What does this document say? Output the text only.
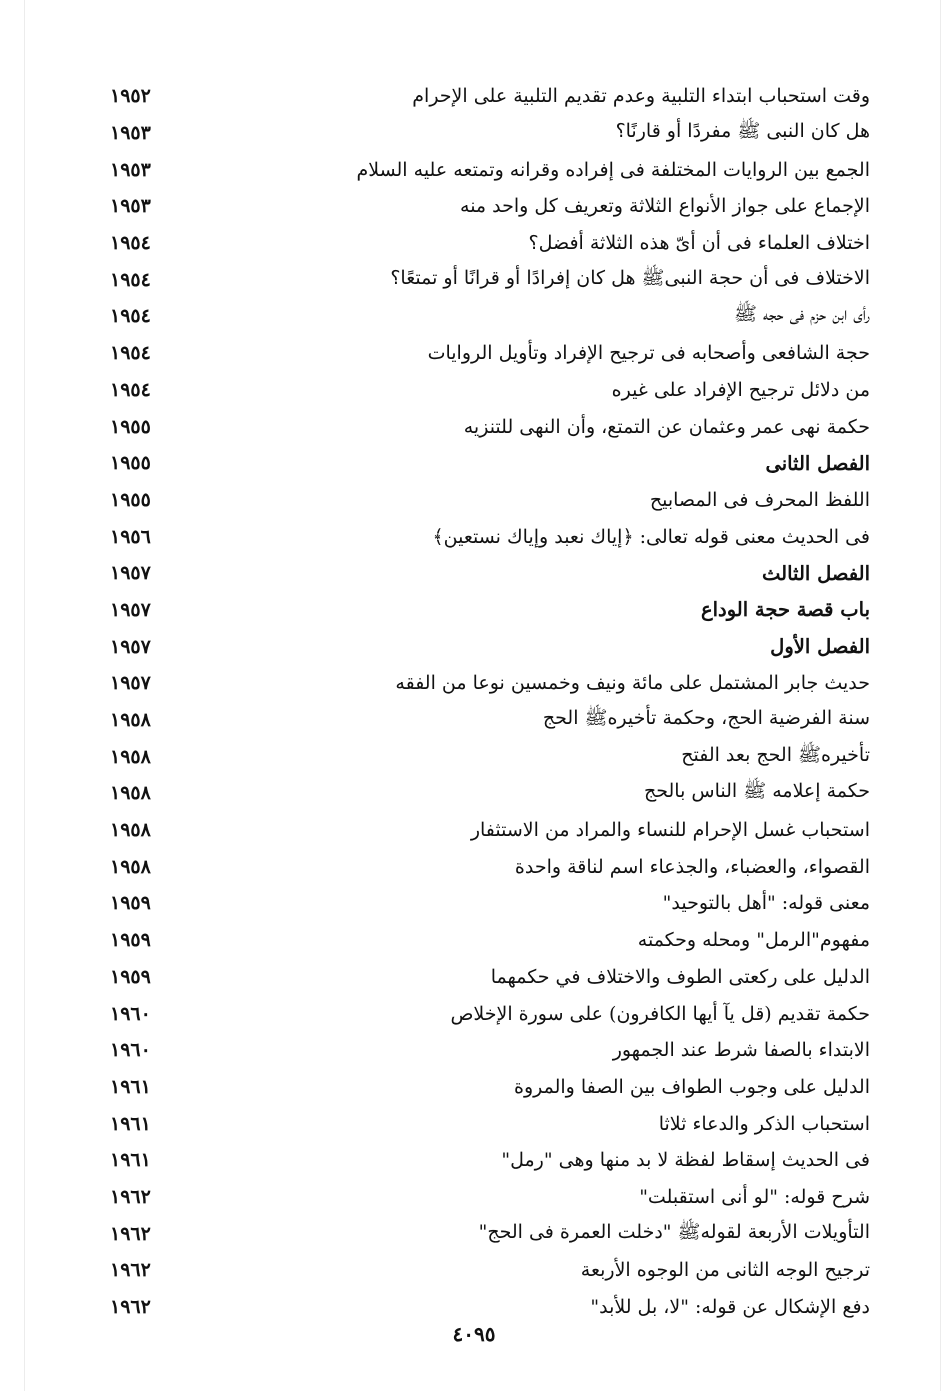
وقت استحباب ابتداء التلبية وعدم تقديم التلبية على الإحرام
١٩٥٢
هل كان النبى ﷺ مفردًا أو قارنًا؟
١٩٥٣
الجمع بين الروايات المختلفة فى إفراده وقرانه وتمتعه عليه السلام
١٩٥٣
الإجماع على جواز الأنواع الثلاثة وتعريف كل واحد منه
١٩٥٣
اختلاف العلماء فى أن أىّ هذه الثلاثة أفضل؟
١٩٥٤
الاختلاف فى أن حجة النبىﷺ هل كان إفرادًا أو قرانًا أو تمتعًا؟
١٩٥٤
رأى ابن حزم فى حجه ﷺ
١٩٥٤
حجة الشافعى وأصحابه فى ترجيح الإفراد وتأويل الروايات
١٩٥٤
من دلائل ترجيح الإفراد على غيره
١٩٥٤
حكمة نهى عمر وعثمان عن التمتع، وأن النهى للتنزيه
١٩٥٥
الفصل الثانى
١٩٥٥
اللفظ المحرف فى المصابيح
١٩٥٥
فى الحديث معنى قوله تعالى: ﴿إياك نعبد وإياك نستعين﴾
١٩٥٦
الفصل الثالث
١٩٥٧
باب قصة حجة الوداع
١٩٥٧
الفصل الأول
١٩٥٧
حديث جابر المشتمل على مائة ونيف وخمسين نوعا من الفقه
١٩٥٧
سنة الفرضية الحج، وحكمة تأخيرهﷺ الحج
١٩٥٨
تأخيرهﷺ الحج بعد الفتح
١٩٥٨
حكمة إعلامه ﷺ الناس بالحج
١٩٥٨
استحباب غسل الإحرام للنساء والمراد من الاستثفار
١٩٥٨
القصواء، والعضباء، والجذعاء اسم لناقة واحدة
١٩٥٨
معنى قوله: "أهل بالتوحيد"
١٩٥٩
مفهوم"الرمل" ومحله وحكمته
١٩٥٩
الدليل على ركعتى الطوف والاختلاف في حكمهما
١٩٥٩
حكمة تقديم (قل يآ أيها الكافرون) على سورة الإخلاص
١٩٦٠
الابتداء بالصفا شرط عند الجمهور
١٩٦٠
الدليل على وجوب الطواف بين الصفا والمروة
١٩٦١
استحباب الذكر والدعاء ثلاثا
١٩٦١
فى الحديث إسقاط لفظة لا بد منها وهى "رمل"
١٩٦١
شرح قوله: "لو أنى استقبلت"
١٩٦٢
التأويلات الأربعة لقولهﷺ "دخلت العمرة فى الحج"
١٩٦٢
ترجيح الوجه الثانى من الوجوه الأربعة
١٩٦٢
دفع الإشكال عن قوله: "لا، بل للأبد"
١٩٦٢
٤٠٩٥
